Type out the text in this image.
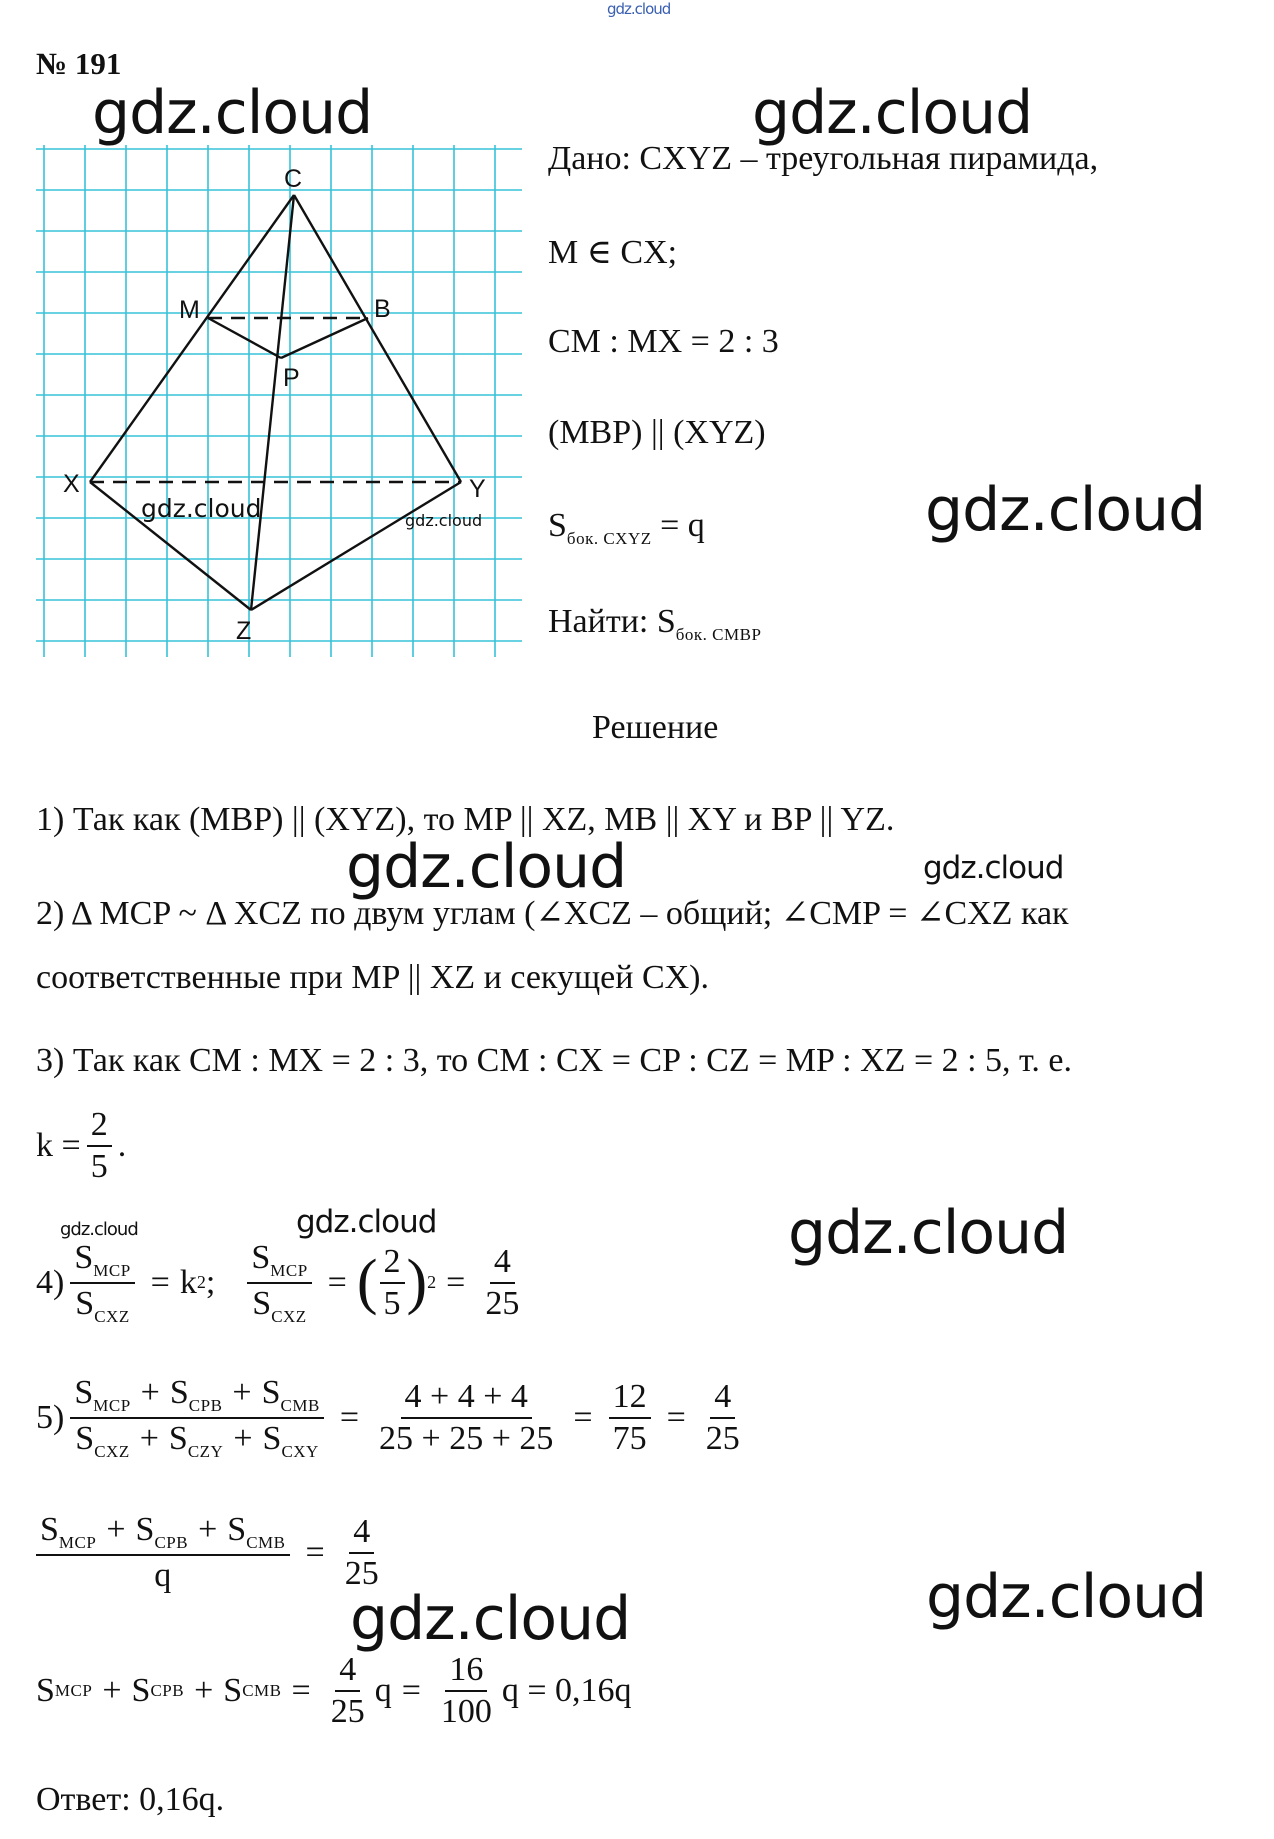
gdz.cloud
№ 191
gdz.cloud	gdz.cloud
gdz.cloud
gdz.cloud	gdz.cloud
gdz.cloud	gdz.cloud	gdz.cloud
gdz.cloud
gdz.cloud
C
M	B
P
X	Y
Z
gdz.cloud	gdz.cloud
Дано: CXYZ – треугольная пирамида,
M ∈ CX;
CM : MX = 2 : 3
(MBP) || (XYZ)
$S_{бок. CXYZ} = q$
Найти: $S_{бок. CMBP}$
Решение
1) Так как (MBP) || (XYZ), то MP || XZ, MB || XY и BP || YZ.
2) Δ MCP ~ Δ XCZ по двум углам (∠XCZ – общий; ∠CMP = ∠CXZ как
соответственные при MP || XZ и секущей CX).
3) Так как CM : MX = 2 : 3, то CM : CX = CP : CZ = MP : XZ = 2 : 5, т. е.
$k = \frac{2}{5}$ .
$4) \frac{S_{MCP}}{S_{CXZ}} = k$ 2 ; $\frac{S_{MCP}}{S_{CXZ}}$ = ( $\frac{2}{5}$ ) $2 = \frac{4}{25}$
$5) \frac{S_{MCP} + S_{CPB} + S_{CMB}}{S_{CXZ} + S_{CZY} + S_{CXY}} = \frac{4 + 4 + 4}{25 + 25 + 25} = \frac{12}{75} = \frac{4}{25}$
$\frac{S_{MCP} + S_{CPB} + S_{CMB}}{q} = \frac{4}{25}$
S MCP + S CPB + S CMB = $\frac{4}{25}$ $q = \frac{16}{100}$ q = 0,16q
Ответ: 0,16q.
